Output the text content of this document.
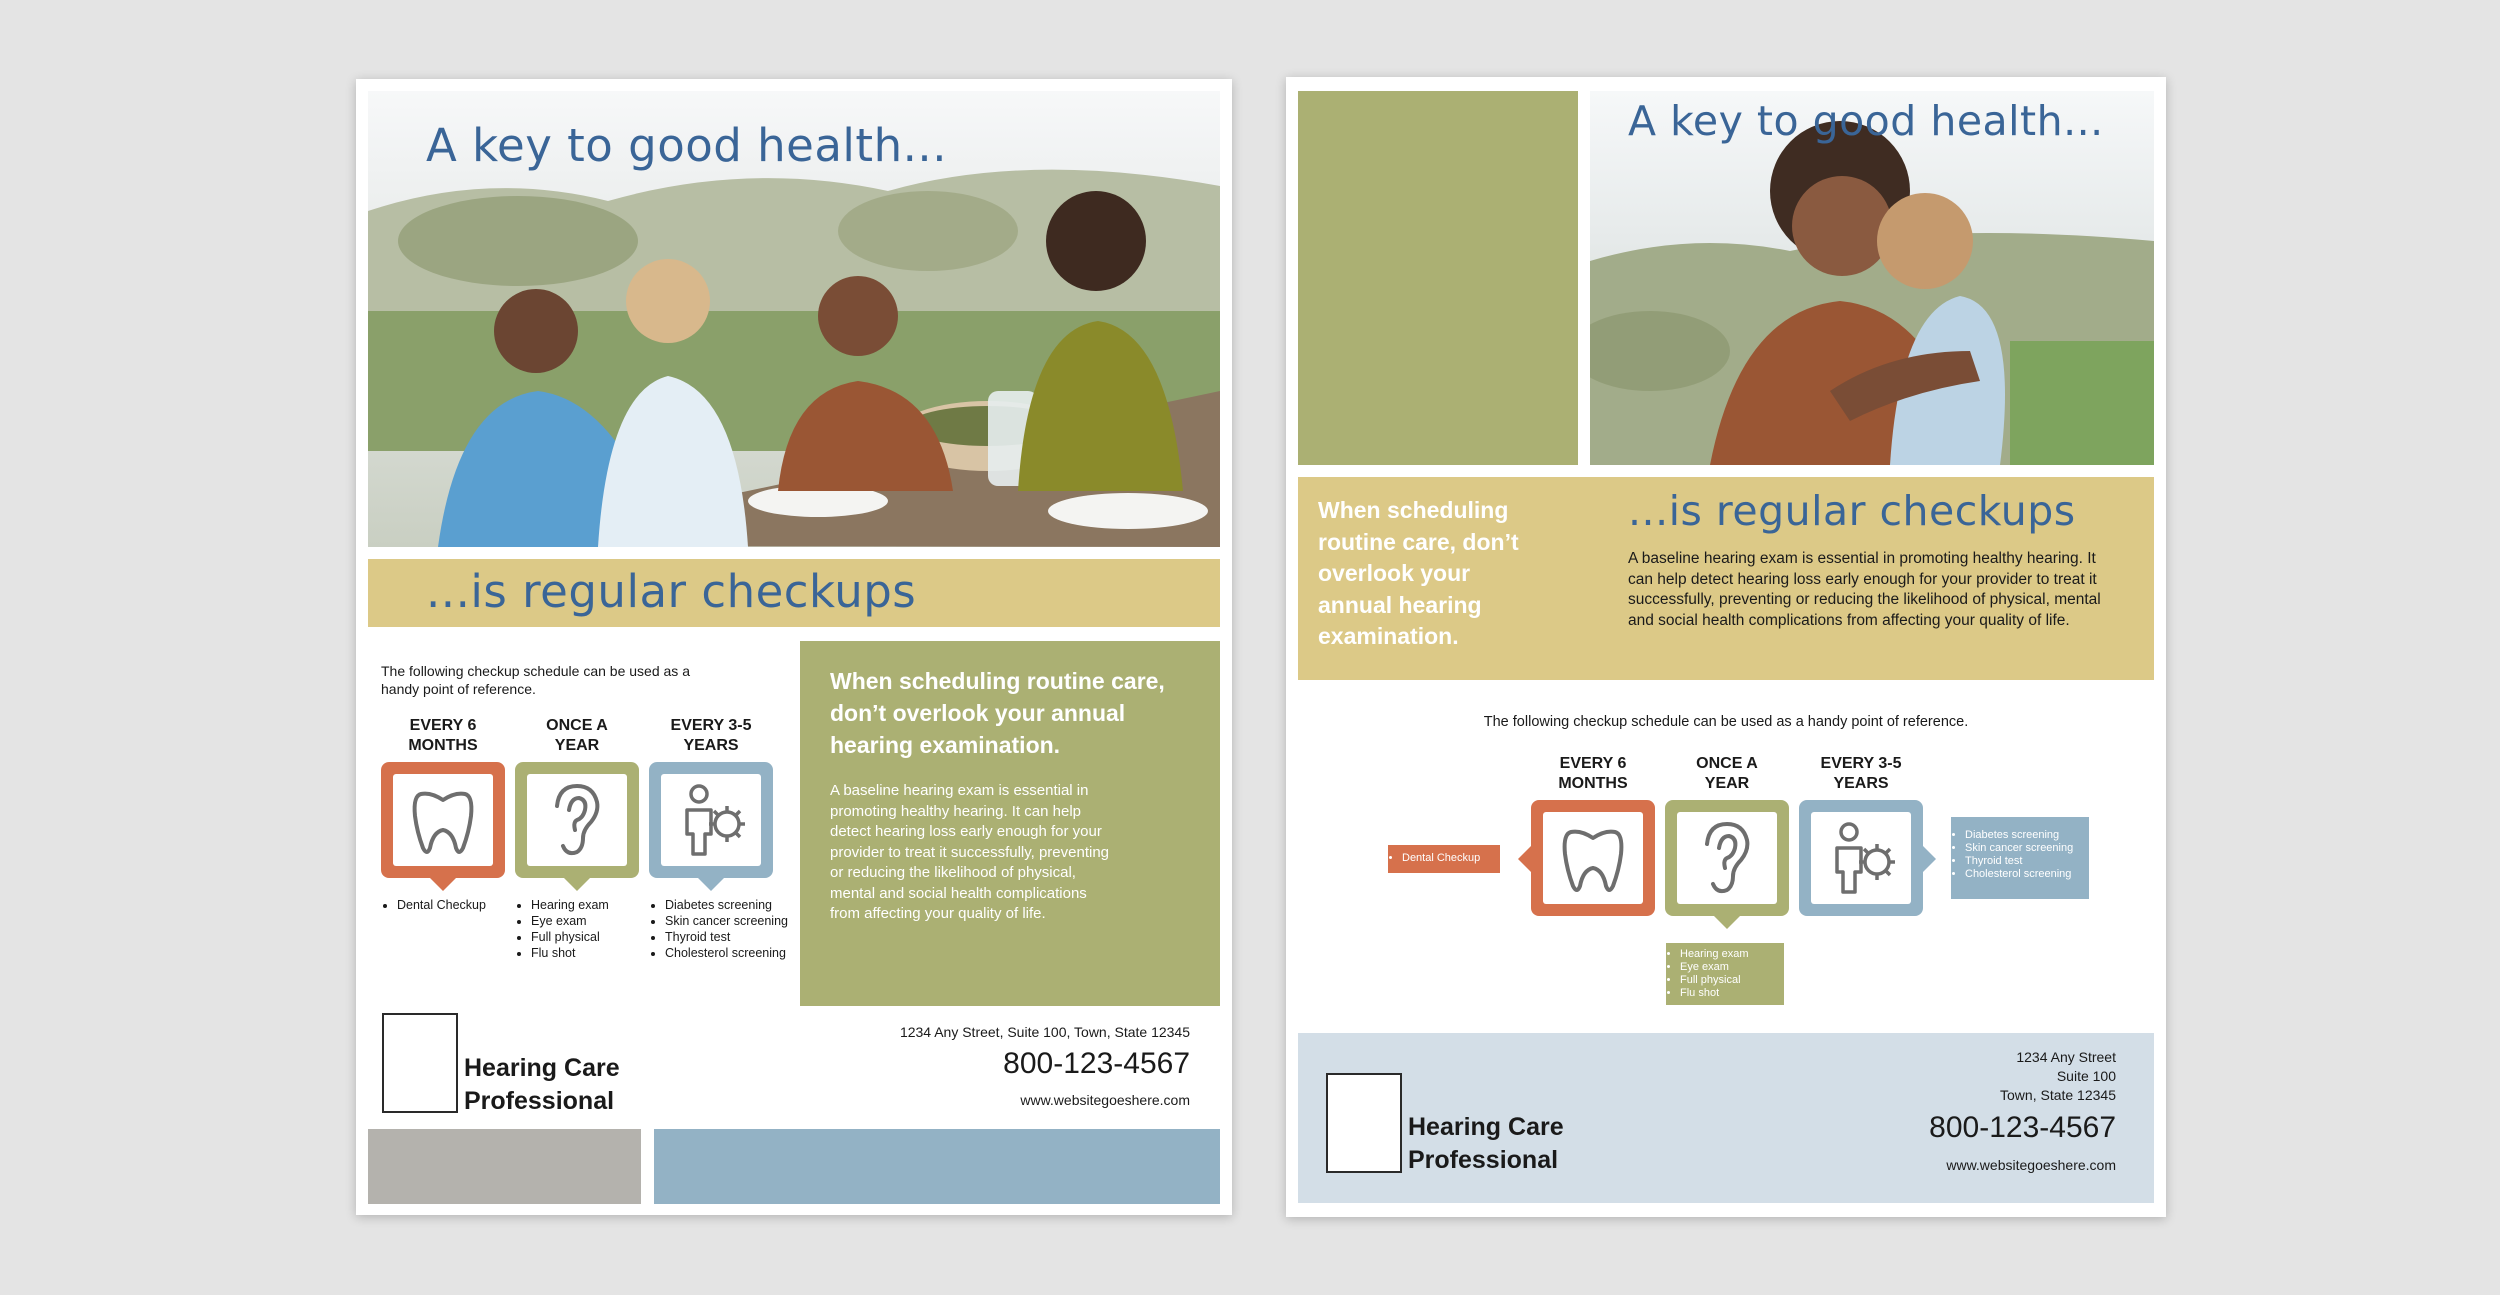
A key to good health...
...is regular checkups
The following checkup schedule can be used as a handy point of reference.
EVERY 6
MONTHS
• Dental Checkup
ONCE A
YEAR
• Hearing exam
• Eye exam
• Full physical
• Flu shot
EVERY 3-5
YEARS
• Diabetes screening
• Skin cancer screening
• Thyroid test
• Cholesterol screening
When scheduling routine care, don’t overlook your annual hearing examination.
A baseline hearing exam is essential in promoting healthy hearing. It can help detect hearing loss early enough for your provider to treat it successfully, preventing or reducing the likelihood of physical, mental and social health complications from affecting your quality of life.
Hearing Care
Professional
1234 Any Street, Suite 100, Town, State 12345
800-123-4567
www.websitegoeshere.com
A key to good health...
When scheduling routine care, don’t overlook your annual hearing examination.
...is regular checkups
A baseline hearing exam is essential in promoting healthy hearing. It can help detect hearing loss early enough for your provider to treat it successfully, preventing or reducing the likelihood of physical, mental and social health complications from affecting your quality of life.
The following checkup schedule can be used as a handy point of reference.
• Dental Checkup
EVERY 6
MONTHS
ONCE A
YEAR
• Hearing exam
• Eye exam
• Full physical
• Flu shot
EVERY 3-5
YEARS
• Diabetes screening
• Skin cancer screening
• Thyroid test
• Cholesterol screening
Hearing Care
Professional
1234 Any Street
Suite 100
Town, State 12345
800-123-4567
www.websitegoeshere.com
